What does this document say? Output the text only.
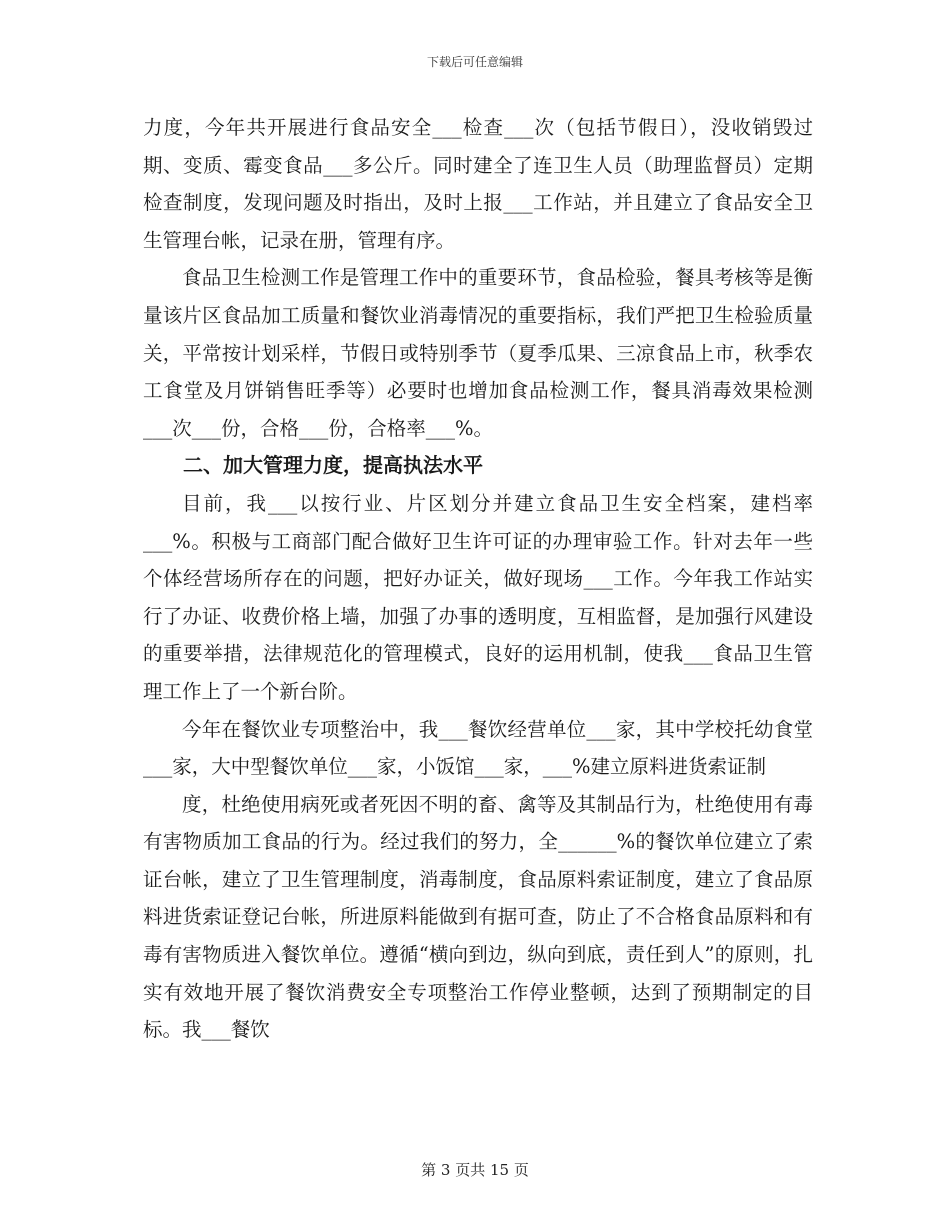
下载后可任意编辑

力度，今年共开展进行食品安全___检查___次（包括节假日），没收销毁过期、变质、霉变食品___多公斤。同时建全了连卫生人员（助理监督员）定期检查制度，发现问题及时指出，及时上报___工作站，并且建立了食品安全卫生管理台帐，记录在册，管理有序。

食品卫生检测工作是管理工作中的重要环节，食品检验，餐具考核等是衡量该片区食品加工质量和餐饮业消毒情况的重要指标，我们严把卫生检验质量关，平常按计划采样，节假日或特别季节（夏季瓜果、三凉食品上市，秋季农工食堂及月饼销售旺季等）必要时也增加食品检测工作，餐具消毒效果检测___次___份，合格___份，合格率___%。

二、加大管理力度，提高执法水平

目前，我___以按行业、片区划分并建立食品卫生安全档案，建档率___%。积极与工商部门配合做好卫生许可证的办理审验工作。针对去年一些个体经营场所存在的问题，把好办证关，做好现场___工作。今年我工作站实行了办证、收费价格上墙，加强了办事的透明度，互相监督，是加强行风建设的重要举措，法律规范化的管理模式，良好的运用机制，使我___食品卫生管理工作上了一个新台阶。

今年在餐饮业专项整治中，我___餐饮经营单位___家，其中学校托幼食堂___家，大中型餐饮单位___家，小饭馆___家，___%建立原料进货索证制

度，杜绝使用病死或者死因不明的畜、禽等及其制品行为，杜绝使用有毒有害物质加工食品的行为。经过我们的努力，全______%的餐饮单位建立了索证台帐，建立了卫生管理制度，消毒制度，食品原料索证制度，建立了食品原料进货索证登记台帐，所进原料能做到有据可查，防止了不合格食品原料和有毒有害物质进入餐饮单位。遵循“横向到边，纵向到底，责任到人”的原则，扎实有效地开展了餐饮消费安全专项整治工作停业整顿，达到了预期制定的目标。我___餐饮

第 3 页共 15 页
